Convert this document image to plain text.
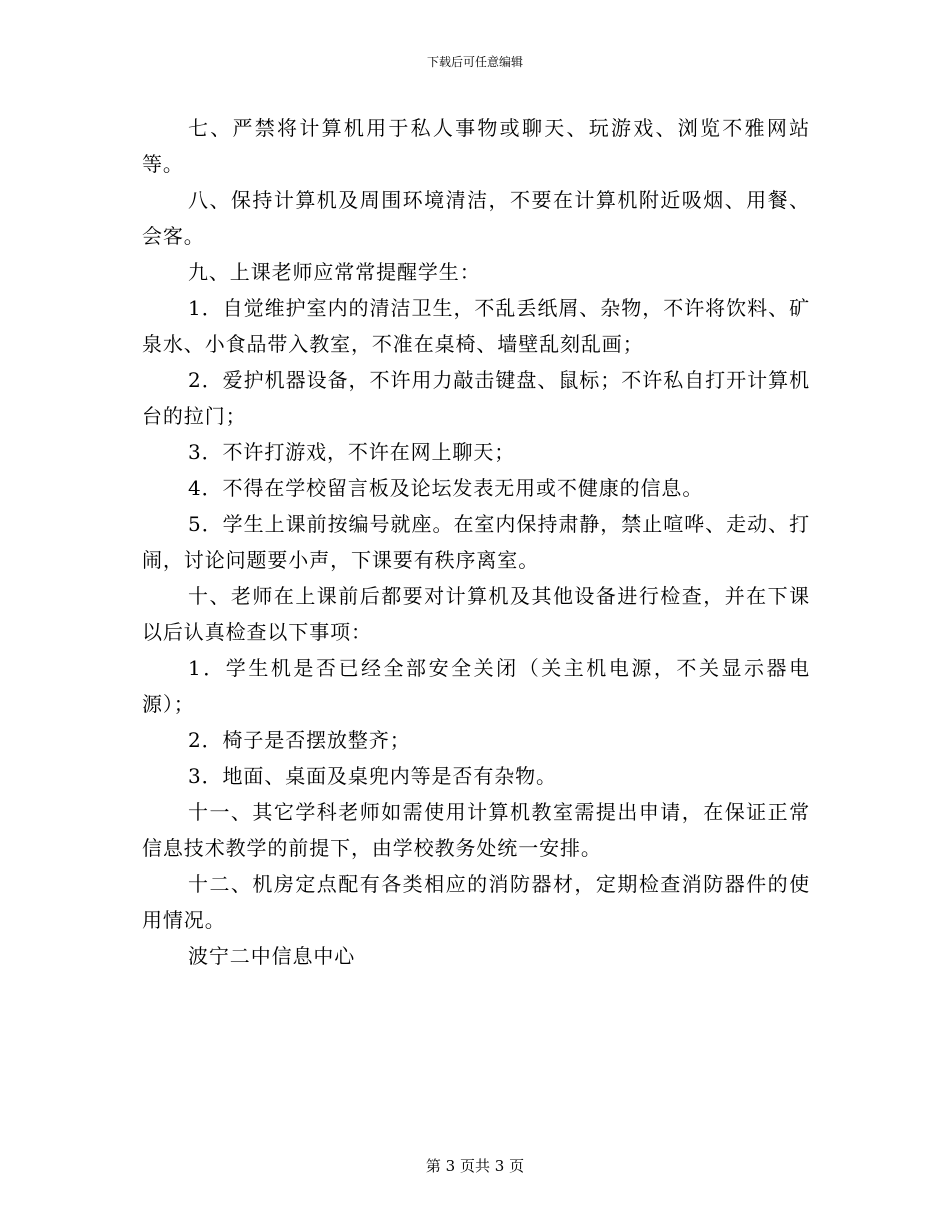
下载后可任意编辑

七、严禁将计算机用于私人事物或聊天、玩游戏、浏览不雅网站等。

八、保持计算机及周围环境清洁，不要在计算机附近吸烟、用餐、会客。

九、上课老师应常常提醒学生：

1．自觉维护室内的清洁卫生，不乱丢纸屑、杂物，不许将饮料、矿泉水、小食品带入教室，不准在桌椅、墙壁乱刻乱画；

2．爱护机器设备，不许用力敲击键盘、鼠标；不许私自打开计算机台的拉门；

3．不许打游戏，不许在网上聊天；

4．不得在学校留言板及论坛发表无用或不健康的信息。

5．学生上课前按编号就座。在室内保持肃静，禁止喧哗、走动、打闹，讨论问题要小声，下课要有秩序离室。

十、老师在上课前后都要对计算机及其他设备进行检查，并在下课以后认真检查以下事项：

1．学生机是否已经全部安全关闭（关主机电源，不关显示器电源）；

2．椅子是否摆放整齐；

3．地面、桌面及桌兜内等是否有杂物。

十一、其它学科老师如需使用计算机教室需提出申请，在保证正常信息技术教学的前提下，由学校教务处统一安排。

十二、机房定点配有各类相应的消防器材，定期检查消防器件的使用情况。

波宁二中信息中心

第 3 页共 3 页
